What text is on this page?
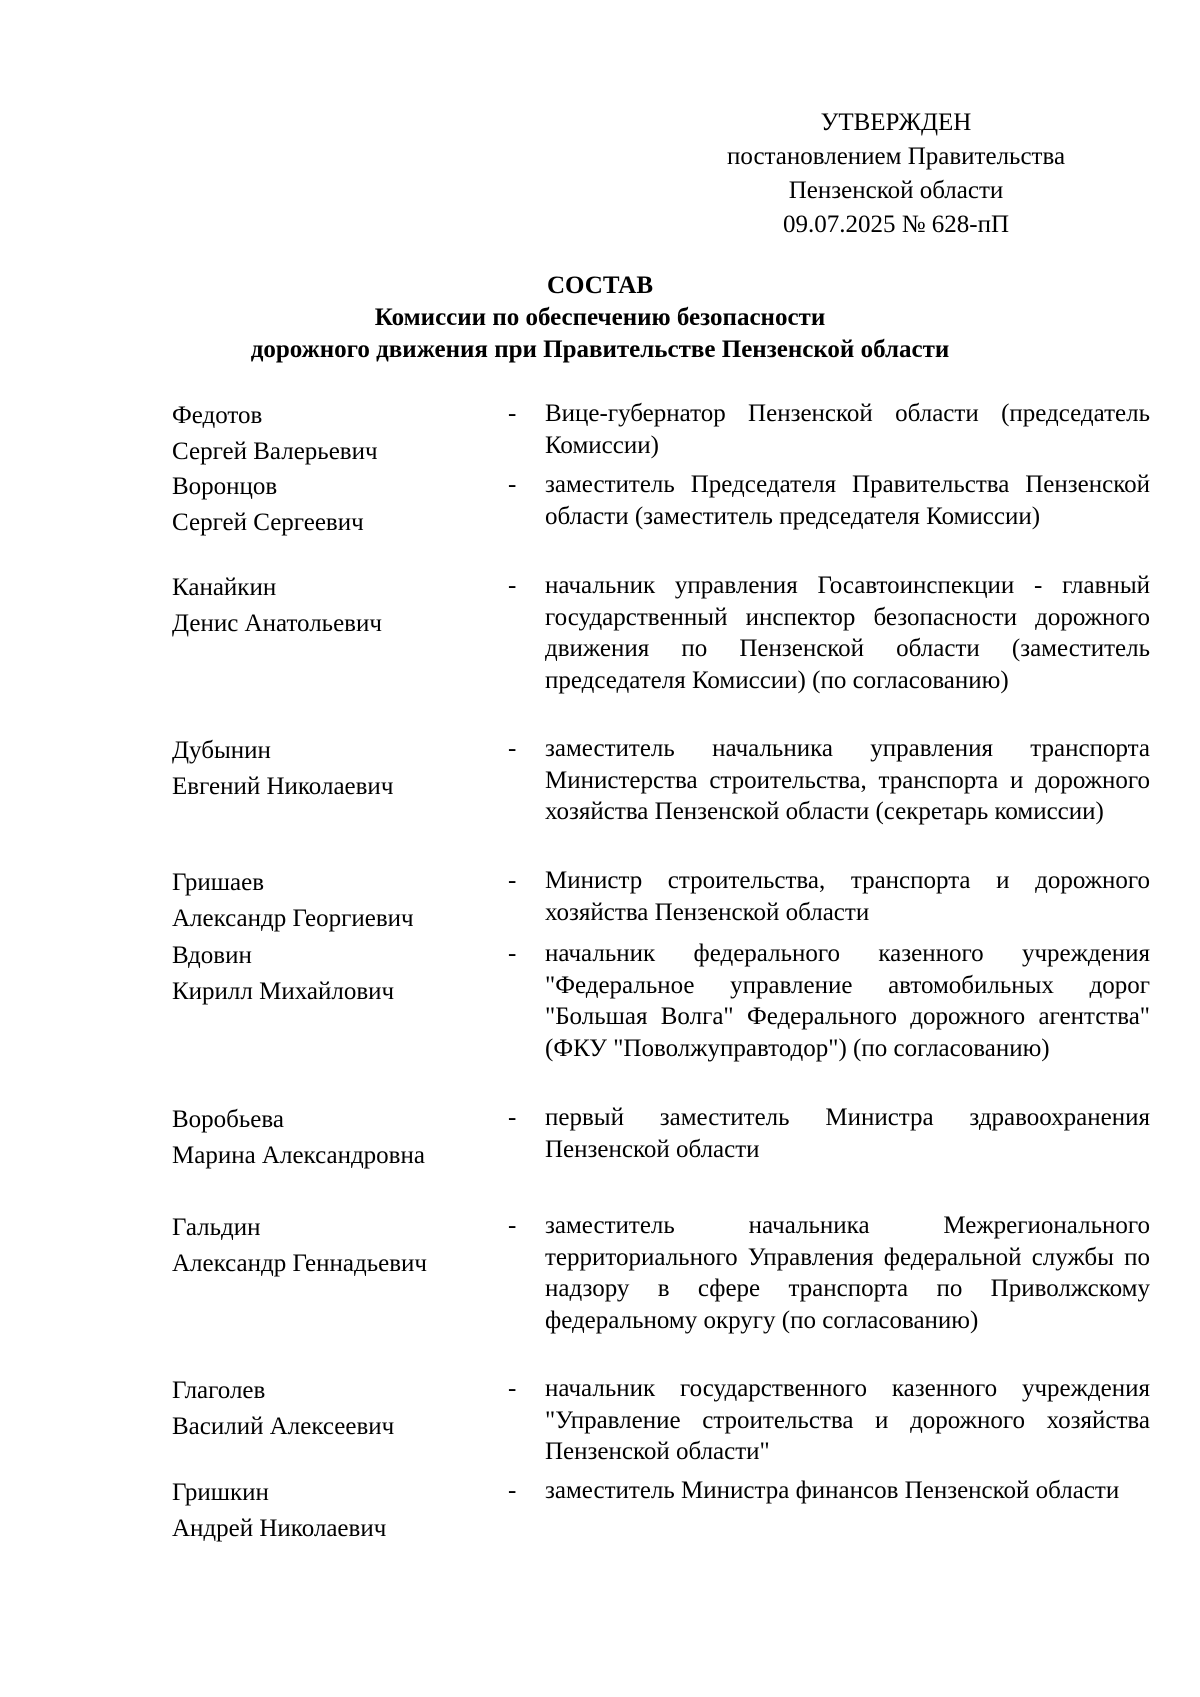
УТВЕРЖДЕН
постановлением Правительства
Пензенской области
09.07.2025 № 628-пП
СОСТАВ
Комиссии по обеспечению безопасности
дорожного движения при Правительстве Пензенской области
Федотов
Сергей Валерьевич
- Вице-губернатор Пензенской области (председатель Комиссии)
Воронцов
Сергей Сергеевич
- заместитель Председателя Правительства Пензенской области (заместитель председателя Комиссии)
Канайкин
Денис Анатольевич
- начальник управления Госавтоинспекции - главный государственный инспектор безопасности дорожного движения по Пензенской области (заместитель председателя Комиссии) (по согласованию)
Дубынин
Евгений Николаевич
- заместитель начальника управления транспорта Министерства строительства, транспорта и дорожного хозяйства Пензенской области (секретарь комиссии)
Гришаев
Александр Георгиевич
- Министр строительства, транспорта и дорожного хозяйства Пензенской области
Вдовин
Кирилл Михайлович
- начальник федерального казенного учреждения "Федеральное управление автомобильных дорог "Большая Волга" Федерального дорожного агентства" (ФКУ "Поволжуправтодор") (по согласованию)
Воробьева
Марина Александровна
- первый заместитель Министра здравоохранения Пензенской области
Гальдин
Александр Геннадьевич
- заместитель начальника Межрегионального территориального Управления федеральной службы по надзору в сфере транспорта по Приволжскому федеральному округу (по согласованию)
Глаголев
Василий Алексеевич
- начальник государственного казенного учреждения "Управление строительства и дорожного хозяйства Пензенской области"
Гришкин
Андрей Николаевич
- заместитель Министра финансов Пензенской области
